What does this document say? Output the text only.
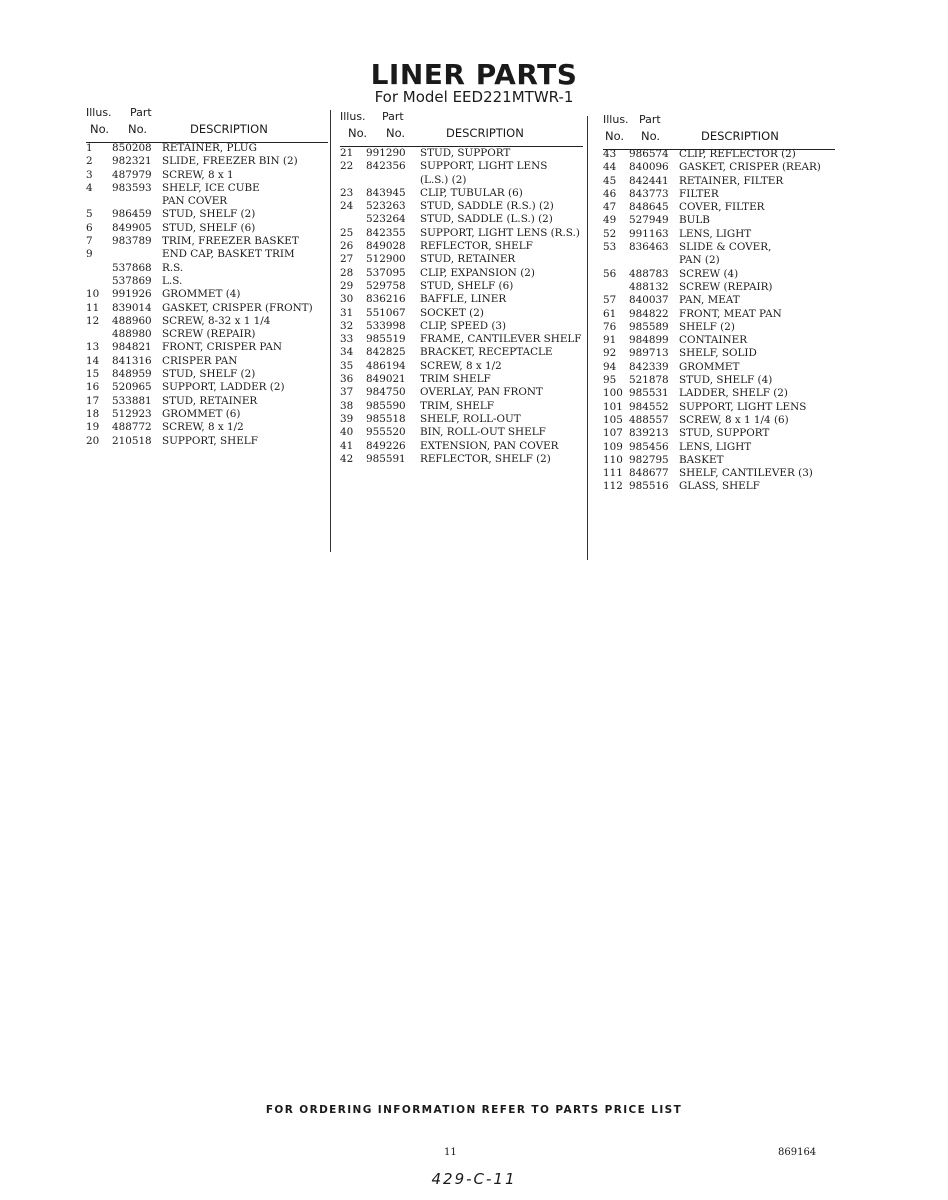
LINER PARTS
For Model EED221MTWR-1
Illus. Part
No. No.	DESCRIPTION
1 850208 RETAINER, PLUG
2 982321 SLIDE, FREEZER BIN (2)
3 487979 SCREW, 8 x 1
4 983593 SHELF, ICE CUBE
PAN COVER
5 986459 STUD, SHELF (2)
6 849905 STUD, SHELF (6)
7 983789 TRIM, FREEZER BASKET
9	END CAP, BASKET TRIM
537868 R.S.
537869 L.S.
10 991926 GROMMET (4)
11 839014 GASKET, CRISPER (FRONT)
12 488960 SCREW, 8-32 x 1 1/4
488980 SCREW (REPAIR)
13 984821 FRONT, CRISPER PAN
14 841316 CRISPER PAN
15 848959 STUD, SHELF (2)
16 520965 SUPPORT, LADDER (2)
17 533881 STUD, RETAINER
18 512923 GROMMET (6)
19 488772 SCREW, 8 x 1/2
20 210518 SUPPORT, SHELF
Illus. Part
No. No.	DESCRIPTION
21 991290 STUD, SUPPORT
22 842356 SUPPORT, LIGHT LENS
(L.S.) (2)
23 843945 CLIP, TUBULAR (6)
24 523263 STUD, SADDLE (R.S.) (2)
523264 STUD, SADDLE (L.S.) (2)
25 842355 SUPPORT, LIGHT LENS (R.S.)
26 849028 REFLECTOR, SHELF
27 512900 STUD, RETAINER
28 537095 CLIP, EXPANSION (2)
29 529758 STUD, SHELF (6)
30 836216 BAFFLE, LINER
31 551067 SOCKET (2)
32 533998 CLIP, SPEED (3)
33 985519 FRAME, CANTILEVER SHELF
34 842825 BRACKET, RECEPTACLE
35 486194 SCREW, 8 x 1/2
36 849021 TRIM SHELF
37 984750 OVERLAY, PAN FRONT
38 985590 TRIM, SHELF
39 985518 SHELF, ROLL-OUT
40 955520 BIN, ROLL-OUT SHELF
41 849226 EXTENSION, PAN COVER
42 985591 REFLECTOR, SHELF (2)
Illus. Part
No. No.	DESCRIPTION
43 986574 CLIP, REFLECTOR (2)
44 840096 GASKET, CRISPER (REAR)
45 842441 RETAINER, FILTER
46 843773 FILTER
47 848645 COVER, FILTER
49 527949 BULB
52 991163 LENS, LIGHT
53 836463 SLIDE & COVER,
PAN (2)
56 488783 SCREW (4)
488132 SCREW (REPAIR)
57 840037 PAN, MEAT
61 984822 FRONT, MEAT PAN
76 985589 SHELF (2)
91 984899 CONTAINER
92 989713 SHELF, SOLID
94 842339 GROMMET
95 521878 STUD, SHELF (4)
100 985531 LADDER, SHELF (2)
101 984552 SUPPORT, LIGHT LENS
105 488557 SCREW, 8 x 1 1/4 (6)
107 839213 STUD, SUPPORT
109 985456 LENS, LIGHT
110 982795 BASKET
111 848677 SHELF, CANTILEVER (3)
112 985516 GLASS, SHELF
FOR ORDERING INFORMATION REFER TO PARTS PRICE LIST
11	869164
429-C-11
